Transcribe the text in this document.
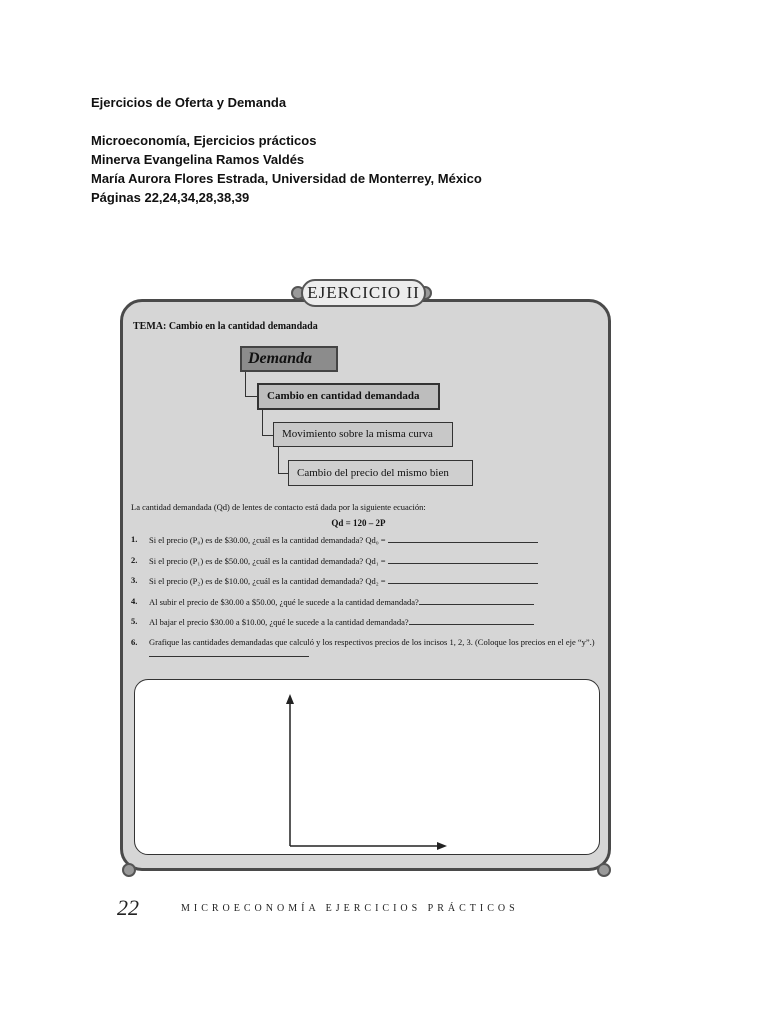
Ejercicios de Oferta y Demanda
Microeconomía, Ejercicios prácticos
Minerva Evangelina Ramos Valdés
María Aurora Flores Estrada, Universidad de Monterrey, México
Páginas 22,24,34,28,38,39
EJERCICIO II
TEMA: Cambio en la cantidad demandada
Demanda
Cambio en cantidad demandada
Movimiento sobre la misma curva
Cambio del precio del mismo bien
La cantidad demandada (Qd) de lentes de contacto está dada por la siguiente ecuación:
Qd = 120 – 2P
1. Si el precio (P₀) es de $30.00, ¿cuál es la cantidad demandada? Qd₀ =
2. Si el precio (P₁) es de $50.00, ¿cuál es la cantidad demandada? Qd₁ =
3. Si el precio (P₂) es de $10.00, ¿cuál es la cantidad demandada? Qd₂ =
4. Al subir el precio de $30.00 a $50.00, ¿qué le sucede a la cantidad demandada?
5. Al bajar el precio $30.00 a $10.00, ¿qué le sucede a la cantidad demandada?
6. Grafique las cantidades demandadas que calculó y los respectivos precios de los incisos 1, 2, 3. (Coloque los precios en el eje “y”.)
22	MICROECONOMÍA EJERCICIOS PRÁCTICOS
